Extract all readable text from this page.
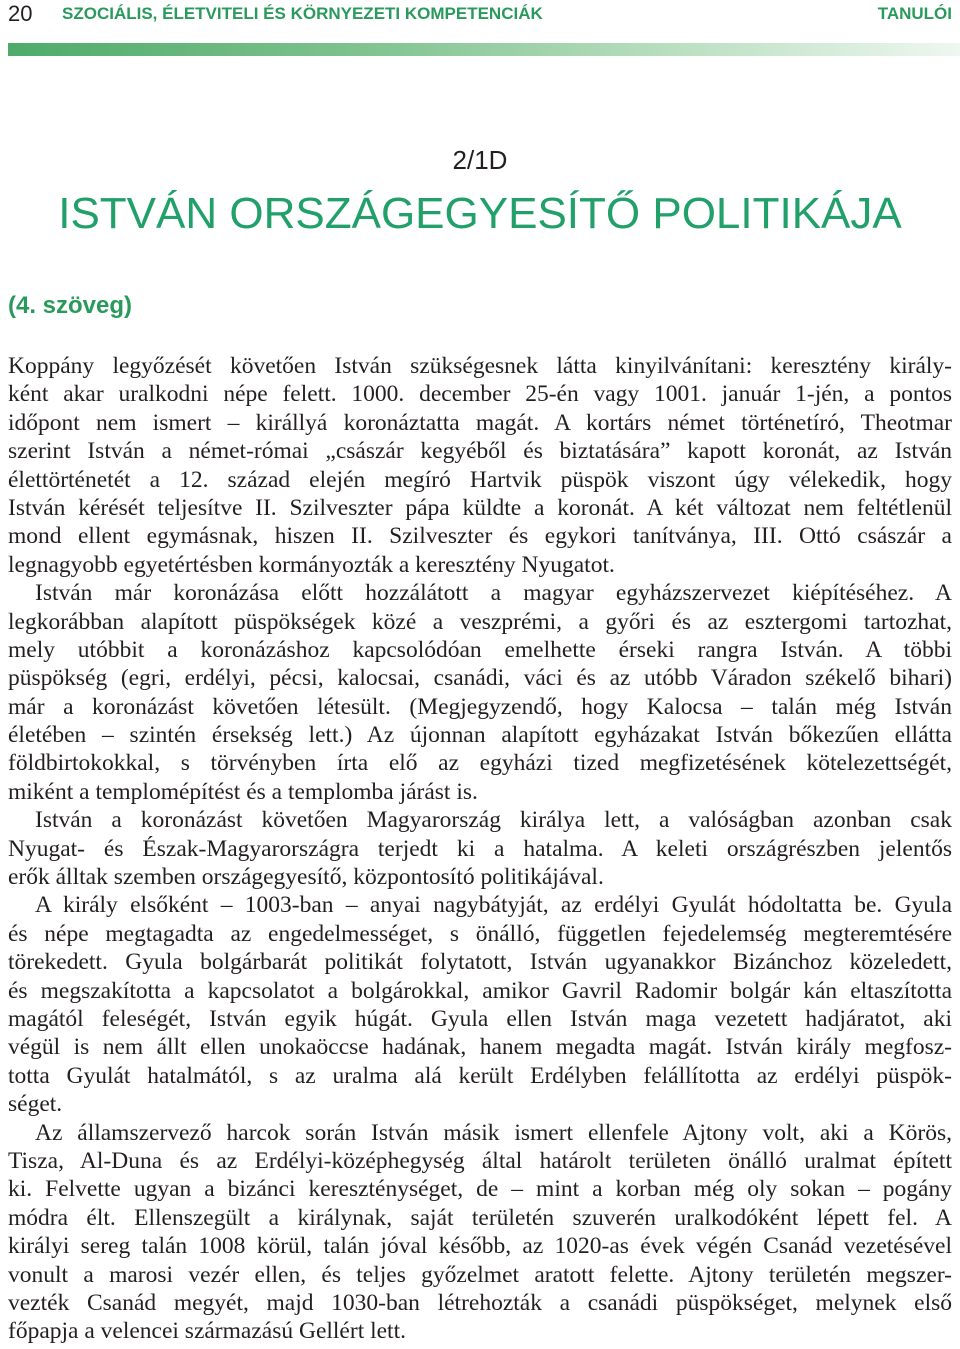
20 SZOCIÁLIS, ÉLETVITELI ÉS KÖRNYEZETI KOMPETENCIÁK	TANULÓI
2/1D
ISTVÁN ORSZÁGEGYESÍTŐ POLITIKÁJA
(4. szöveg)
Koppány legyőzését követően István szükségesnek látta kinyilvánítani: keresztény király-
ként akar uralkodni népe felett. 1000. december 25-én vagy 1001. január 1-jén, a pontos
időpont nem ismert – királlyá koronáztatta magát. A kortárs német történetíró, Theotmar
szerint István a német-római „császár kegyéből és biztatására” kapott koronát, az István
élettörténetét a 12. század elején megíró Hartvik püspök viszont úgy vélekedik, hogy
István kérését teljesítve II. Szilveszter pápa küldte a koronát. A két változat nem feltétlenül
mond ellent egymásnak, hiszen II. Szilveszter és egykori tanítványa, III. Ottó császár a
legnagyobb egyetértésben kormányozták a keresztény Nyugatot.
István már koronázása előtt hozzálátott a magyar egyházszervezet kiépítéséhez. A
legkorábban alapított püspökségek közé a veszprémi, a győri és az esztergomi tartozhat,
mely utóbbit a koronázáshoz kapcsolódóan emelhette érseki rangra István. A többi
püspökség (egri, erdélyi, pécsi, kalocsai, csanádi, váci és az utóbb Váradon székelő bihari)
már a koronázást követően létesült. (Megjegyzendő, hogy Kalocsa – talán még István
életében – szintén érsekség lett.) Az újonnan alapított egyházakat István bőkezűen ellátta
földbirtokokkal, s törvényben írta elő az egyházi tized megfizetésének kötelezettségét,
miként a templomépítést és a templomba járást is.
István a koronázást követően Magyarország királya lett, a valóságban azonban csak
Nyugat- és Észak-Magyarországra terjedt ki a hatalma. A keleti országrészben jelentős
erők álltak szemben országegyesítő, központosító politikájával.
A király elsőként – 1003-ban – anyai nagybátyját, az erdélyi Gyulát hódoltatta be. Gyula
és népe megtagadta az engedelmességet, s önálló, független fejedelemség megteremtésére
törekedett. Gyula bolgárbarát politikát folytatott, István ugyanakkor Bizánchoz közeledett,
és megszakította a kapcsolatot a bolgárokkal, amikor Gavril Radomir bolgár kán eltaszította
magától feleségét, István egyik húgát. Gyula ellen István maga vezetett hadjáratot, aki
végül is nem állt ellen unokaöccse hadának, hanem megadta magát. István király megfosz-
totta Gyulát hatalmától, s az uralma alá került Erdélyben felállította az erdélyi püspök-
séget.
Az államszervező harcok során István másik ismert ellenfele Ajtony volt, aki a Körös,
Tisza, Al-Duna és az Erdélyi-középhegység által határolt területen önálló uralmat épített
ki. Felvette ugyan a bizánci kereszténységet, de – mint a korban még oly sokan – pogány
módra élt. Ellenszegült a királynak, saját területén szuverén uralkodóként lépett fel. A
királyi sereg talán 1008 körül, talán jóval később, az 1020-as évek végén Csanád vezetésével
vonult a marosi vezér ellen, és teljes győzelmet aratott felette. Ajtony területén megszer-
vezték Csanád megyét, majd 1030-ban létrehozták a csanádi püspökséget, melynek első
főpapja a velencei származású Gellért lett.
